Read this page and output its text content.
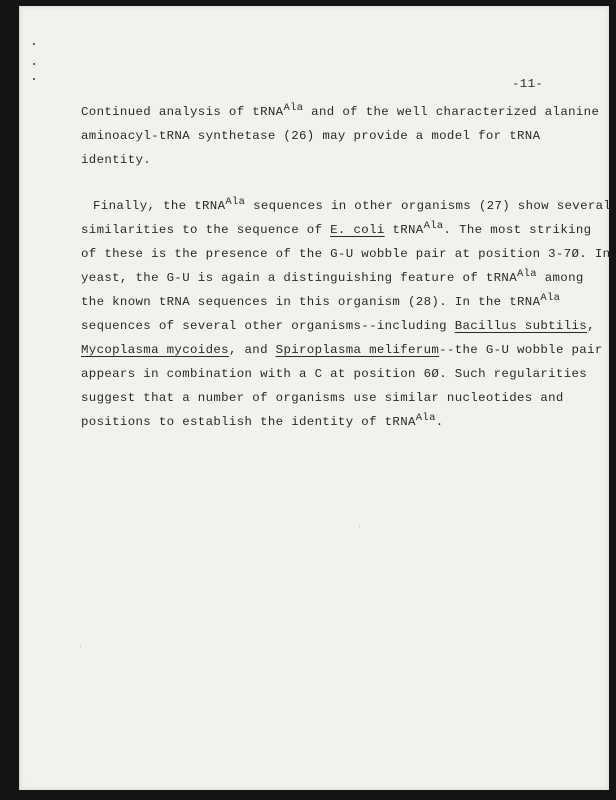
-11-
Continued analysis of tRNA$^{Ala}$ and of the well characterized alanine
aminoacyl-tRNA synthetase (26) may provide a model for tRNA
identity.
Finally, the tRNA$^{Ala}$ sequences in other organisms (27) show several
similarities to the sequence of E. coli tRNA$^{Ala}$. The most striking
of these is the presence of the G-U wobble pair at position 3-7Ø. In
yeast, the G-U is again a distinguishing feature of tRNA$^{Ala}$ among
the known tRNA sequences in this organism (28). In the tRNA$^{Ala}$
sequences of several other organisms--including Bacillus subtilis,
Mycoplasma mycoides, and Spiroplasma meliferum--the G-U wobble pair
appears in combination with a C at position 6Ø. Such regularities
suggest that a number of organisms use similar nucleotides and
positions to establish the identity of tRNA$^{Ala}$.
